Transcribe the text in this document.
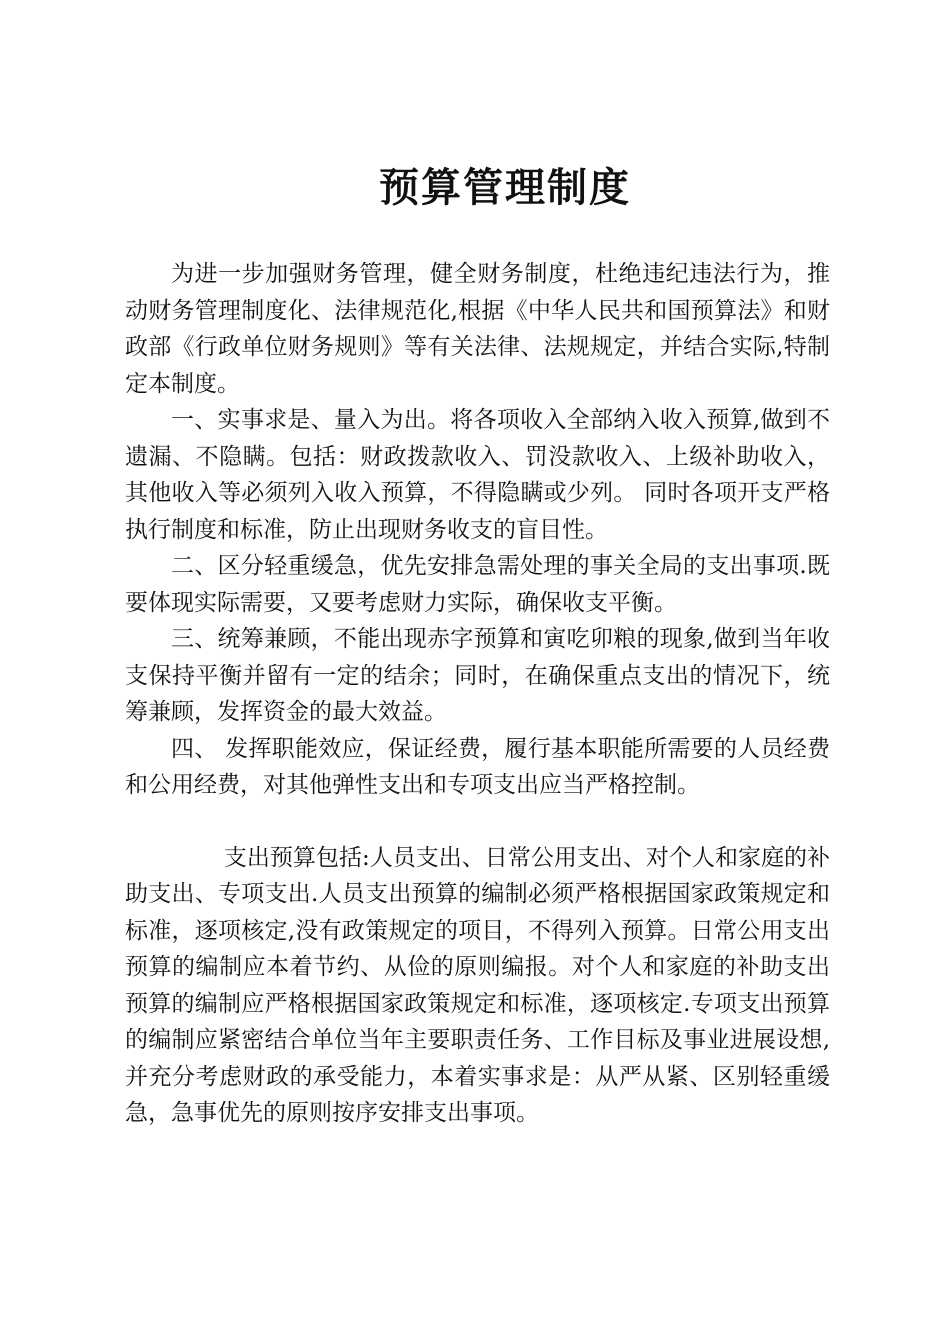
预算管理制度

为进一步加强财务管理，健全财务制度，杜绝违纪违法行为，推动财务管理制度化、法律规范化,根据《中华人民共和国预算法》和财政部《行政单位财务规则》等有关法律、法规规定，并结合实际,特制定本制度。

一、实事求是、量入为出。将各项收入全部纳入收入预算,做到不遗漏、不隐瞒。包括：财政拨款收入、罚没款收入、上级补助收入，其他收入等必须列入收入预算，不得隐瞒或少列。 同时各项开支严格执行制度和标准，防止出现财务收支的盲目性。

二、区分轻重缓急，优先安排急需处理的事关全局的支出事项.既要体现实际需要，又要考虑财力实际，确保收支平衡。

三、统筹兼顾，不能出现赤字预算和寅吃卯粮的现象,做到当年收支保持平衡并留有一定的结余；同时，在确保重点支出的情况下，统筹兼顾，发挥资金的最大效益。

四、 发挥职能效应，保证经费，履行基本职能所需要的人员经费和公用经费，对其他弹性支出和专项支出应当严格控制。

支出预算包括:人员支出、日常公用支出、对个人和家庭的补助支出、专项支出.人员支出预算的编制必须严格根据国家政策规定和标准，逐项核定,没有政策规定的项目，不得列入预算。日常公用支出预算的编制应本着节约、从俭的原则编报。对个人和家庭的补助支出预算的编制应严格根据国家政策规定和标准，逐项核定.专项支出预算的编制应紧密结合单位当年主要职责任务、工作目标及事业进展设想,并充分考虑财政的承受能力，本着实事求是：从严从紧、区别轻重缓急，急事优先的原则按序安排支出事项。
